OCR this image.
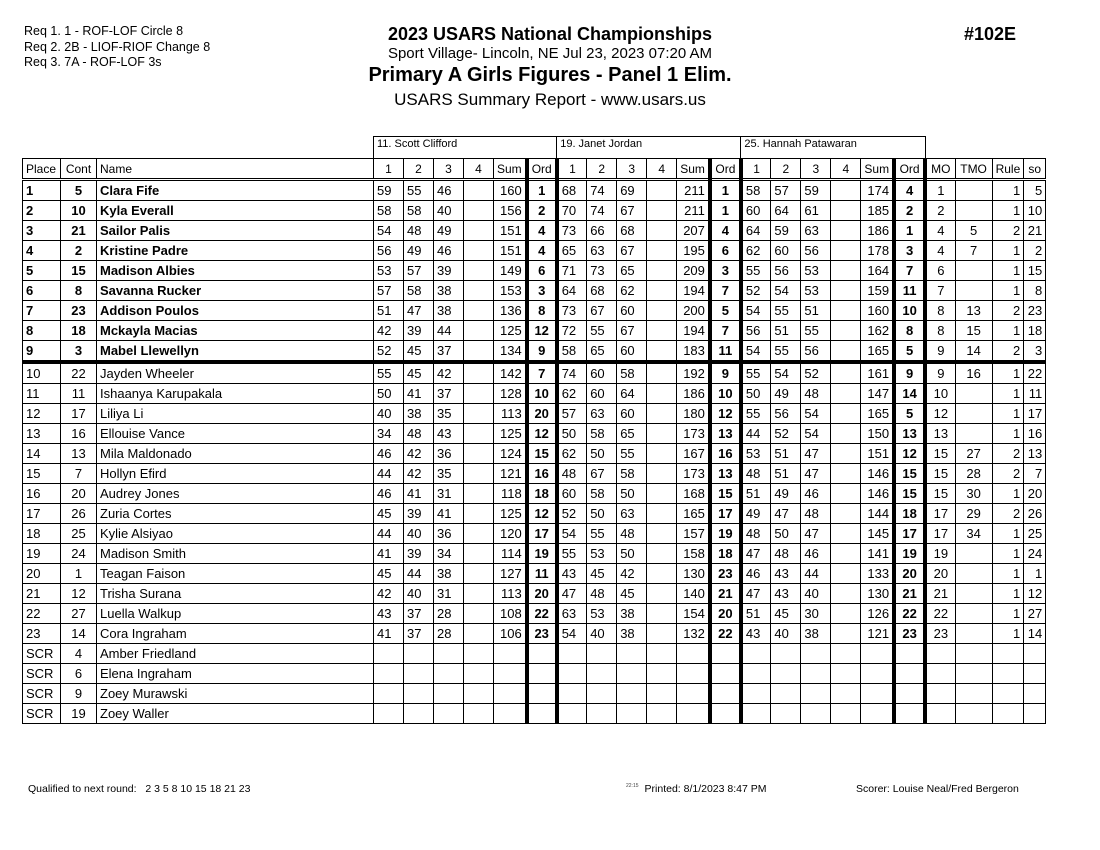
Req 1. 1 - ROF-LOF Circle 8
Req 2. 2B - LIOF-RIOF Change 8
Req 3. 7A - ROF-LOF 3s
2023 USARS National Championships
Sport Village- Lincoln, NE Jul 23, 2023 07:20 AM
Primary A Girls Figures - Panel 1 Elim.
USARS Summary Report - www.usars.us
#102E
			11. Scott Clifford						19. Janet Jordan						25. Hannah Patawaran									
Place	Cont	Name	1	2	3	4	Sum	Ord	1	2	3	4	Sum	Ord	1	2	3	4	Sum	Ord	MO	TMO	Rule	so
1	5	Clara Fife	59	55	46		160	1	68	74	69		211	1	58	57	59		174	4	1		1	5
2	10	Kyla Everall	58	58	40		156	2	70	74	67		211	1	60	64	61		185	2	2		1	10
3	21	Sailor Palis	54	48	49		151	4	73	66	68		207	4	64	59	63		186	1	4	5	2	21
4	2	Kristine Padre	56	49	46		151	4	65	63	67		195	6	62	60	56		178	3	4	7	1	2
5	15	Madison Albies	53	57	39		149	6	71	73	65		209	3	55	56	53		164	7	6		1	15
6	8	Savanna Rucker	57	58	38		153	3	64	68	62		194	7	52	54	53		159	11	7		1	8
7	23	Addison Poulos	51	47	38		136	8	73	67	60		200	5	54	55	51		160	10	8	13	2	23
8	18	Mckayla Macias	42	39	44		125	12	72	55	67		194	7	56	51	55		162	8	8	15	1	18
9	3	Mabel Llewellyn	52	45	37		134	9	58	65	60		183	11	54	55	56		165	5	9	14	2	3
10	22	Jayden Wheeler	55	45	42		142	7	74	60	58		192	9	55	54	52		161	9	9	16	1	22
11	11	Ishaanya Karupakala	50	41	37		128	10	62	60	64		186	10	50	49	48		147	14	10		1	11
12	17	Liliya Li	40	38	35		113	20	57	63	60		180	12	55	56	54		165	5	12		1	17
13	16	Ellouise Vance	34	48	43		125	12	50	58	65		173	13	44	52	54		150	13	13		1	16
14	13	Mila Maldonado	46	42	36		124	15	62	50	55		167	16	53	51	47		151	12	15	27	2	13
15	7	Hollyn Efird	44	42	35		121	16	48	67	58		173	13	48	51	47		146	15	15	28	2	7
16	20	Audrey Jones	46	41	31		118	18	60	58	50		168	15	51	49	46		146	15	15	30	1	20
17	26	Zuria Cortes	45	39	41		125	12	52	50	63		165	17	49	47	48		144	18	17	29	2	26
18	25	Kylie Alsiyao	44	40	36		120	17	54	55	48		157	19	48	50	47		145	17	17	34	1	25
19	24	Madison Smith	41	39	34		114	19	55	53	50		158	18	47	48	46		141	19	19		1	24
20	1	Teagan Faison	45	44	38		127	11	43	45	42		130	23	46	43	44		133	20	20		1	1
21	12	Trisha Surana	42	40	31		113	20	47	48	45		140	21	47	43	40		130	21	21		1	12
22	27	Luella Walkup	43	37	28		108	22	63	53	38		154	20	51	45	30		126	22	22		1	27
23	14	Cora Ingraham	41	37	28		106	23	54	40	38		132	22	43	40	38		121	23	23		1	14
SCR	4	Amber Friedland																						
SCR	6	Elena Ingraham																						
SCR	9	Zoey Murawski																						
SCR	19	Zoey Waller																						
Qualified to next round: 2 3 5 8 10 15 18 21 23	$^{22:15}$ Printed: 8/1/2023 8:47 PM	Scorer: Louise Neal/Fred Bergeron
